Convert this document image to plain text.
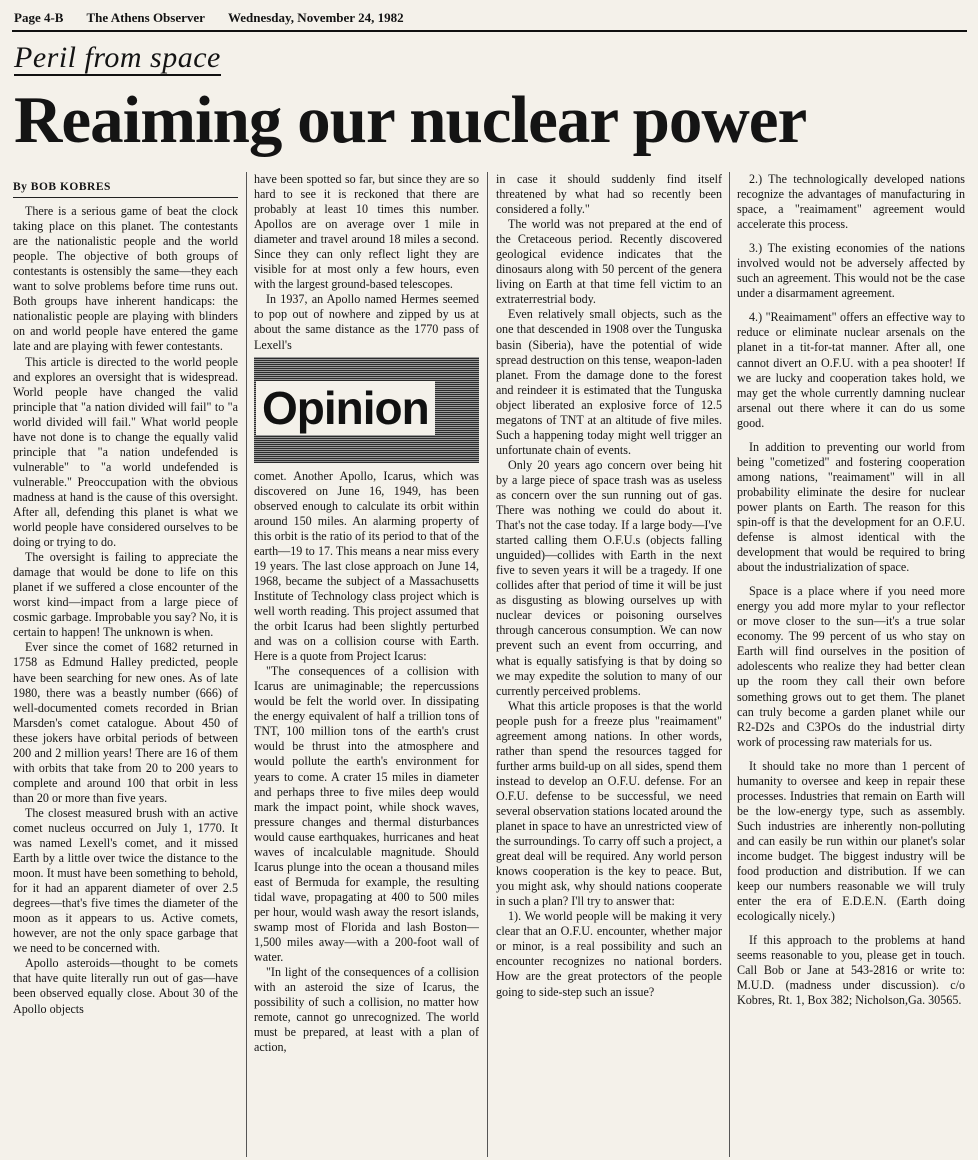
Page 4-B The Athens Observer Wednesday, November 24, 1982
Peril from space
Reaiming our nuclear power
By BOB KOBRES

There is a serious game of beat the clock taking place on this planet. The contestants are the nationalistic people and the world people. The objective of both groups of contestants is ostensibly the same—they each want to solve problems before time runs out. Both groups have inherent handicaps: the nationalistic people are playing with blinders on and world people have entered the game late and are playing with fewer contestants.

This article is directed to the world people and explores an oversight that is widespread. World people have changed the valid principle that "a nation divided will fail" to "a world divided will fail." What world people have not done is to change the equally valid principle that "a nation undefended is vulnerable" to "a world undefended is vulnerable." Preoccupation with the obvious madness at hand is the cause of this oversight. After all, defending this planet is what we world people have considered ourselves to be doing or trying to do.

The oversight is failing to appreciate the damage that would be done to life on this planet if we suffered a close encounter of the worst kind—impact from a large piece of cosmic garbage. Improbable you say? No, it is certain to happen! The unknown is when.

Ever since the comet of 1682 returned in 1758 as Edmund Halley predicted, people have been searching for new ones. As of late 1980, there was a beastly number (666) of well-documented comets recorded in Brian Marsden's comet catalogue. About 450 of these jokers have orbital periods of between 200 and 2 million years! There are 16 of them with orbits that take from 20 to 200 years to complete and around 100 that orbit in less than 20 or more than five years.

The closest measured brush with an active comet nucleus occurred on July 1, 1770. It was named Lexell's comet, and it missed Earth by a little over twice the distance to the moon. It must have been something to behold, for it had an apparent diameter of over 2.5 degrees—that's five times the diameter of the moon as it appears to us. Active comets, however, are not the only space garbage that we need to be concerned with.

Apollo asteroids—thought to be comets that have quite literally run out of gas—have been observed equally close. About 30 of the Apollo objects

have been spotted so far, but since they are so hard to see it is reckoned that there are probably at least 10 times this number. Apollos are on average over 1 mile in diameter and travel around 18 miles a second. Since they can only reflect light they are visible for at most only a few hours, even with the largest ground-based telescopes.

In 1937, an Apollo named Hermes seemed to pop out of nowhere and zipped by us at about the same distance as the 1770 pass of Lexell's

Opinion

comet. Another Apollo, Icarus, which was discovered on June 16, 1949, has been observed enough to calculate its orbit within around 150 miles. An alarming property of this orbit is the ratio of its period to that of the earth—19 to 17. This means a near miss every 19 years. The last close approach on June 14, 1968, became the subject of a Massachusetts Institute of Technology class project which is well worth reading. This project assumed that the orbit Icarus had been slightly perturbed and was on a collision course with Earth. Here is a quote from Project Icarus:

"The consequences of a collision with Icarus are unimaginable; the repercussions would be felt the world over. In dissipating the energy equivalent of half a trillion tons of TNT, 100 million tons of the earth's crust would be thrust into the atmosphere and would pollute the earth's environment for years to come. A crater 15 miles in diameter and perhaps three to five miles deep would mark the impact point, while shock waves, pressure changes and thermal disturbances would cause earthquakes, hurricanes and heat waves of incalculable magnitude. Should Icarus plunge into the ocean a thousand miles east of Bermuda for example, the resulting tidal wave, propagating at 400 to 500 miles per hour, would wash away the resort islands, swamp most of Florida and lash Boston—1,500 miles away—with a 200-foot wall of water.

"In light of the consequences of a collision with an asteroid the size of Icarus, the possibility of such a collision, no matter how remote, cannot go unrecognized. The world must be prepared, at least with a plan of action,

in case it should suddenly find itself threatened by what had so recently been considered a folly."

The world was not prepared at the end of the Cretaceous period. Recently discovered geological evidence indicates that the dinosaurs along with 50 percent of the genera living on Earth at that time fell victim to an extraterrestrial body.

Even relatively small objects, such as the one that descended in 1908 over the Tunguska basin (Siberia), have the potential of wide spread destruction on this tense, weapon-laden planet. From the damage done to the forest and reindeer it is estimated that the Tunguska object liberated an explosive force of 12.5 megatons of TNT at an altitude of five miles. Such a happening today might well trigger an unfortunate chain of events.

Only 20 years ago concern over being hit by a large piece of space trash was as useless as concern over the sun running out of gas. There was nothing we could do about it. That's not the case today. If a large body—I've started calling them O.F.U.s (objects falling unguided)—collides with Earth in the next five to seven years it will be a tragedy. If one collides after that period of time it will be just as disgusting as blowing ourselves up with nuclear devices or poisoning ourselves through cancerous consumption. We can now prevent such an event from occurring, and what is equally satisfying is that by doing so we may expedite the solution to many of our currently perceived problems.

What this article proposes is that the world people push for a freeze plus "reaimament" agreement among nations. In other words, rather than spend the resources tagged for further arms build-up on all sides, spend them instead to develop an O.F.U. defense. For an O.F.U. defense to be successful, we need several observation stations located around the planet in space to have an unrestricted view of the surroundings. To carry off such a project, a great deal will be required. Any world person knows cooperation is the key to peace. But, you might ask, why should nations cooperate in such a plan? I'll try to answer that:

1). We world people will be making it very clear that an O.F.U. encounter, whether major or minor, is a real possibility and such an encounter recognizes no national borders. How are the great protectors of the people going to side-step such an issue?

2.) The technologically developed nations recognize the advantages of manufacturing in space, a "reaimament" agreement would accelerate this process.

3.) The existing economies of the nations involved would not be adversely affected by such an agreement. This would not be the case under a disarmament agreement.

4.) "Reaimament" offers an effective way to reduce or eliminate nuclear arsenals on the planet in a tit-for-tat manner. After all, one cannot divert an O.F.U. with a pea shooter! If we are lucky and cooperation takes hold, we may get the whole currently damning nuclear arsenal out there where it can do us some good.

In addition to preventing our world from being "cometized" and fostering cooperation among nations, "reaimament" will in all probability eliminate the desire for nuclear power plants on Earth. The reason for this spin-off is that the development for an O.F.U. defense is almost identical with the development that would be required to bring about the industrialization of space.

Space is a place where if you need more energy you add more mylar to your reflector or move closer to the sun—it's a true solar economy. The 99 percent of us who stay on Earth will find ourselves in the position of adolescents who realize they had better clean up the room they call their own before something grows out to get them. The planet can truly become a garden planet while our R2-D2s and C3POs do the industrial dirty work of processing raw materials for us.

It should take no more than 1 percent of humanity to oversee and keep in repair these processes. Industries that remain on Earth will be the low-energy type, such as assembly. Such industries are inherently non-polluting and can easily be run within our planet's solar income budget. The biggest industry will be food production and distribution. If we can keep our numbers reasonable we will truly enter the era of E.D.E.N. (Earth doing ecologically nicely.)

If this approach to the problems at hand seems reasonable to you, please get in touch. Call Bob or Jane at 543-2816 or write to: M.U.D. (madness under discussion). c/o Kobres, Rt. 1, Box 382; Nicholson,Ga. 30565.
